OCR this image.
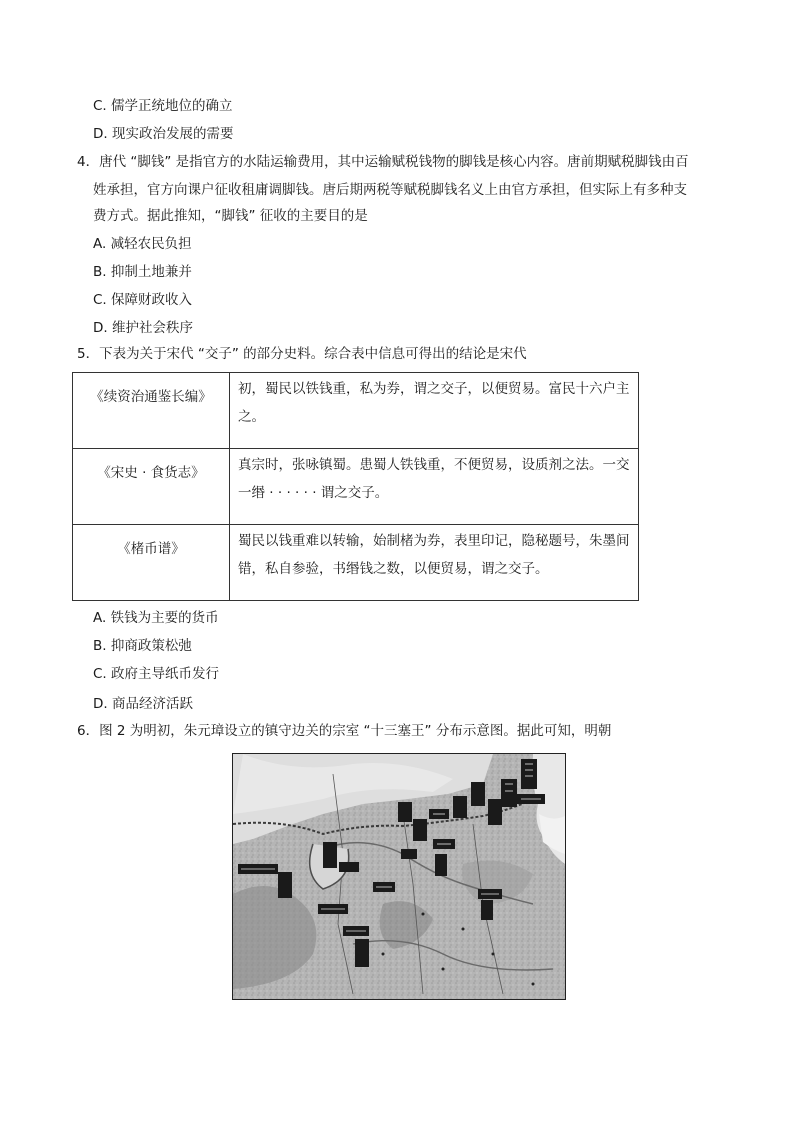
C. 儒学正统地位的确立
D. 现实政治发展的需要
4．唐代 “脚钱” 是指官方的水陆运输费用，其中运输赋税钱物的脚钱是核心内容。唐前期赋税脚钱由百
姓承担，官方向课户征收租庸调脚钱。唐后期两税等赋税脚钱名义上由官方承担，但实际上有多种支
费方式。据此推知，“脚钱” 征收的主要目的是
A. 减轻农民负担
B. 抑制土地兼并
C. 保障财政收入
D. 维护社会秩序
5．下表为关于宋代 “交子” 的部分史料。综合表中信息可得出的结论是宋代
《续资治通鉴长编》	初，蜀民以铁钱重，私为券，谓之交子，以便贸易。富民十六户主之。

《宋史 · 食货志》	真宗时，张咏镇蜀。患蜀人铁钱重，不便贸易，设质剂之法。一交一缗 · · · · · · 谓之交子。

《楮币谱》	蜀民以钱重难以转输，始制楮为券，表里印记，隐秘题号，朱墨间错，私自参验，书缗钱之数，以便贸易，谓之交子。
A. 铁钱为主要的货币
B. 抑商政策松弛
C. 政府主导纸币发行
D. 商品经济活跃
6．图 2 为明初，朱元璋设立的镇守边关的宗室 “十三塞王” 分布示意图。据此可知，明朝
